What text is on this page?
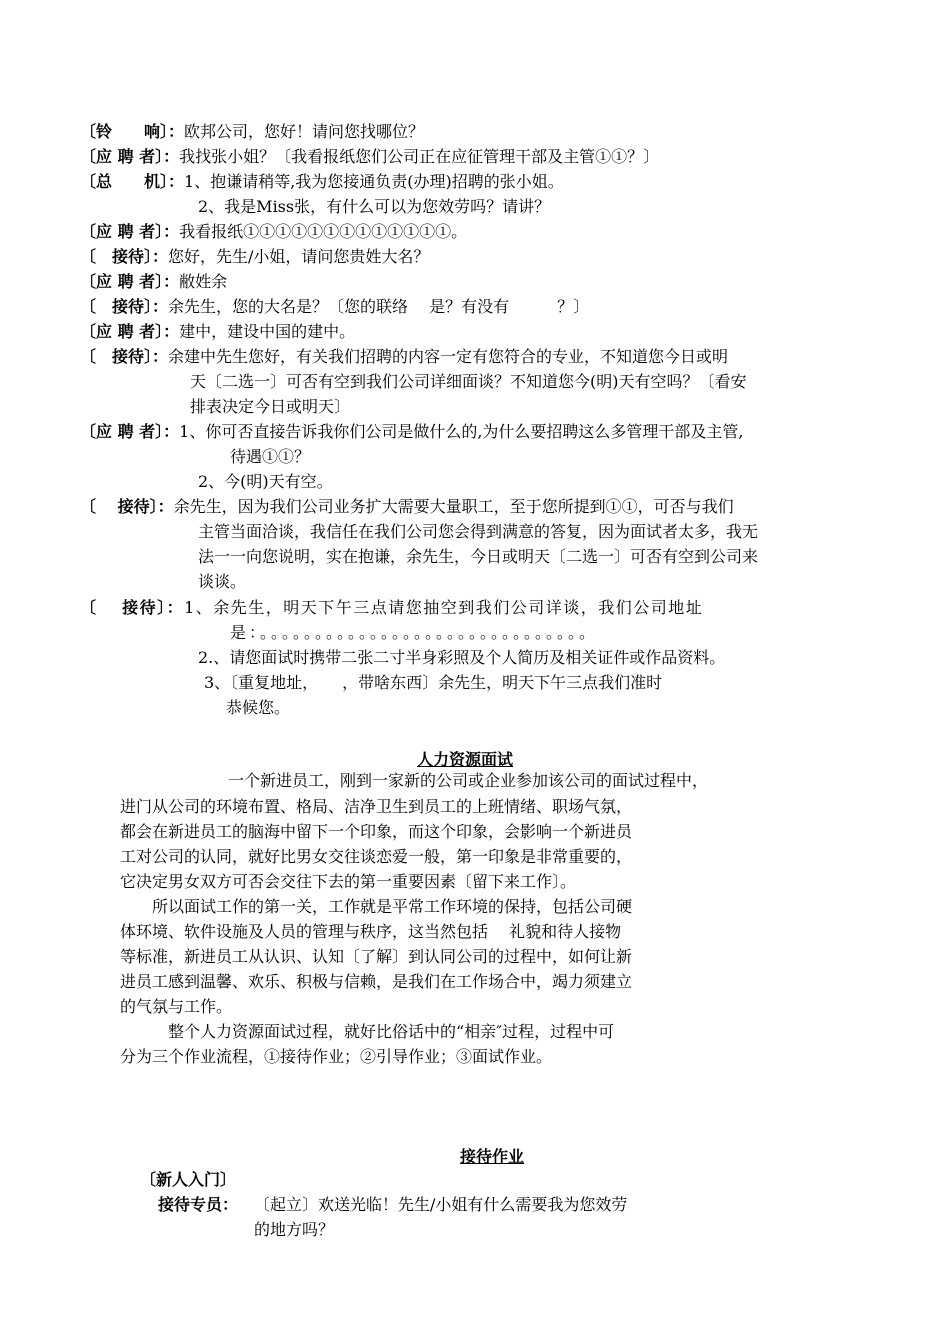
〔铃　　响〕：欧邦公司，您好！请问您找哪位？
〔应 聘 者〕：我找张小姐？〔我看报纸您们公司正在应征管理干部及主管①①？〕
〔总　　机〕：1、抱谦请稍等,我为您接通负责(办理)招聘的张小姐。
2、我是Miss张，有什么可以为您效劳吗？请讲？
〔应 聘 者〕：我看报纸①①①①①①①①①①①①①。
〔　接待〕：您好，先生/小姐，请问您贵姓大名？
〔应 聘 者〕：敝姓余
〔　接待〕：余先生，您的大名是？〔您的联络　 是？有没有　　　？〕
〔应 聘 者〕：建中，建设中国的建中。
〔　接待〕：余建中先生您好，有关我们招聘的内容一定有您符合的专业，不知道您今日或明
天〔二选一〕可否有空到我们公司详细面谈？不知道您今(明)天有空吗？〔看安
排表决定今日或明天〕
〔应 聘 者〕：1、你可否直接告诉我你们公司是做什么的,为什么要招聘这么多管理干部及主管,
待遇①①？
2、今(明)天有空。
〔　 接待〕：余先生，因为我们公司业务扩大需要大量职工，至于您所提到①①，可否与我们
主管当面洽谈，我信任在我们公司您会得到满意的答复，因为面试者太多，我无
法一一向您说明，实在抱谦，余先生，今日或明天〔二选一〕可否有空到公司来
谈谈。
〔　 接待〕：1、余先生，明天下午三点请您抽空到我们公司详谈，我们公司地址
是：。。。。。。。。。。。。。。。。。。。。。。。。。。。。。。
2.、请您面试时携带二张二寸半身彩照及个人简历及相关证件或作品资料。
3、〔重复地址，　　，带啥东西〕余先生，明天下午三点我们准时
恭候您。
人力资源面试
一个新进员工，刚到一家新的公司或企业参加该公司的面试过程中，
进门从公司的环境布置、格局、洁净卫生到员工的上班情绪、职场气氛，
都会在新进员工的脑海中留下一个印象，而这个印象，会影响一个新进员
工对公司的认同，就好比男女交往谈恋爱一般，第一印象是非常重要的，
它决定男女双方可否会交往下去的第一重要因素〔留下来工作〕。
所以面试工作的第一关，工作就是平常工作环境的保持，包括公司硬
体环境、软件设施及人员的管理与秩序，这当然包括　 礼貌和待人接物
等标准，新进员工从认识、认知〔了解〕到认同公司的过程中，如何让新
进员工感到温馨、欢乐、积极与信赖，是我们在工作场合中，竭力须建立
的气氛与工作。
整个人力资源面试过程，就好比俗话中的“相亲″过程，过程中可
分为三个作业流程，①接待作业；②引导作业；③面试作业。
接待作业
〔新人入门〕
接待专员： 〔起立〕欢送光临！先生/小姐有什么需要我为您效劳
的地方吗？
